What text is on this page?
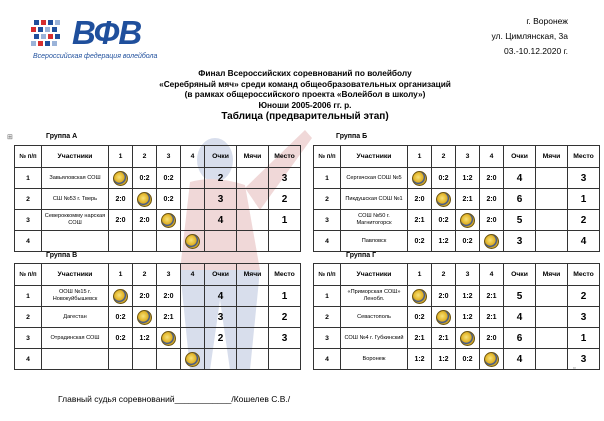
ВФВ
Всероссийская федерация волейбола
г. Воронеж
ул. Цимлянская, 3а
03.-10.12.2020 г.
Финал Всероссийских соревнований по волейболу
«Серебряный мяч» среди команд общеобразовательных организаций
(в рамках общероссийского проекта «Волейбол в школу»)
Юноши 2005-2006 гг. р.
Таблица (предварительный этап)
⊞
▫
Группа А
№ п/п	Участники	1	2	3	4	Очки	Мячи	Место
1	Завьяловская СОШ		0:2	0:2		2		3
2	СШ №53 г. Тверь	2:0		0:2		3		2
3	Североккомму нарская СОШ	2:0	2:0			4		1
4								
Группа Б
№ п/п	Участники	1	2	3	4	Очки	Мячи	Место
1	Сергачская СОШ №5		0:2	1:2	2:0	4		3
2	Пикдушская СОШ №1	2:0		2:1	2:0	6		1
3	СОШ №50 г. Магнитогорск	2:1	0:2		2:0	5		2
4	Павловск	0:2	1:2	0:2		3		4
Группа В
№ п/п	Участники	1	2	3	4	Очки	Мячи	Место
1	ООШ №15 г. Новокуйбышевск		2:0	2:0		4		1
2	Дагестан	0:2		2:1		3		2
3	Отрадинская СОШ	0:2	1:2			2		3
4								
Группа Г
№ п/п	Участники	1	2	3	4	Очки	Мячи	Место
1	«Приморская СОШ» Ленобл.		2:0	1:2	2:1	5		2
2	Севастополь	0:2		1:2	2:1	4		3
3	СОШ №4 г. Губкинский	2:1	2:1		2:0	6		1
4	Воронеж	1:2	1:2	0:2		4		3
Главный судья соревнований____________/Кошелев С.В./
